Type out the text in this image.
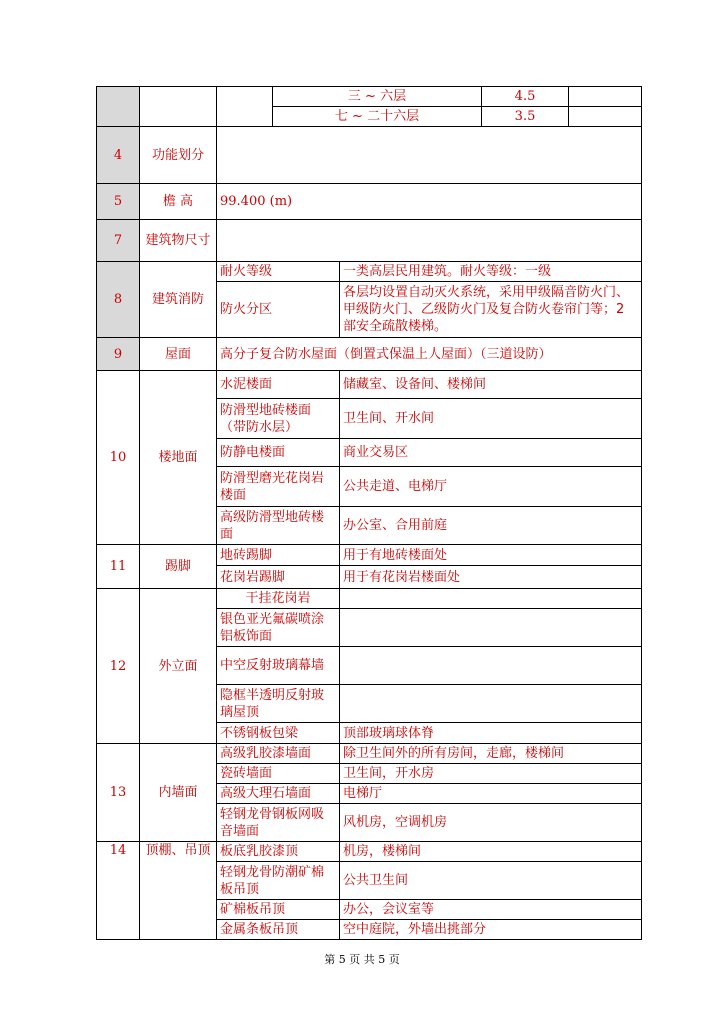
			三 ~ 六层		4.5	
			七 ~ 二十六层		3.5	
4	功能划分					
5	檐 高	99.400 (m)				
7	建筑物尺寸					
8	建筑消防	耐火等级		一类高层民用建筑。耐火等级：一级		
		防火分区		各层均设置自动灭火系统，采用甲级隔音防火门、甲级防火门、乙级防火门及复合防火卷帘门等；2 部安全疏散楼梯。		
9	屋面	高分子复合防水屋面（倒置式保温上人屋面）（三道设防）				
10	楼地面	水泥楼面		储藏室、设备间、楼梯间		
		防滑型地砖楼面（带防水层）		卫生间、开水间		
		防静电楼面		商业交易区		
		防滑型磨光花岗岩楼面		公共走道、电梯厅		
		高级防滑型地砖楼面		办公室、合用前庭		
11	踢脚	地砖踢脚		用于有地砖楼面处		
		花岗岩踢脚		用于有花岗岩楼面处		
12	外立面	干挂花岗岩				
		银色亚光氟碳喷涂铝板饰面				
		中空反射玻璃幕墙				
		隐框半透明反射玻璃屋顶				
		不锈钢板包梁		顶部玻璃球体脊		
13	内墙面	高级乳胶漆墙面		除卫生间外的所有房间，走廊，楼梯间		
		瓷砖墙面		卫生间，开水房		
		高级大理石墙面		电梯厅		
		轻钢龙骨钢板网吸音墙面		风机房，空调机房		
14	顶棚、吊顶	板底乳胶漆顶		机房，楼梯间		
		轻钢龙骨防潮矿棉板吊顶		公共卫生间		
		矿棉板吊顶		办公，会议室等		
		金属条板吊顶		空中庭院，外墙出挑部分		
第 5 页 共 5 页
